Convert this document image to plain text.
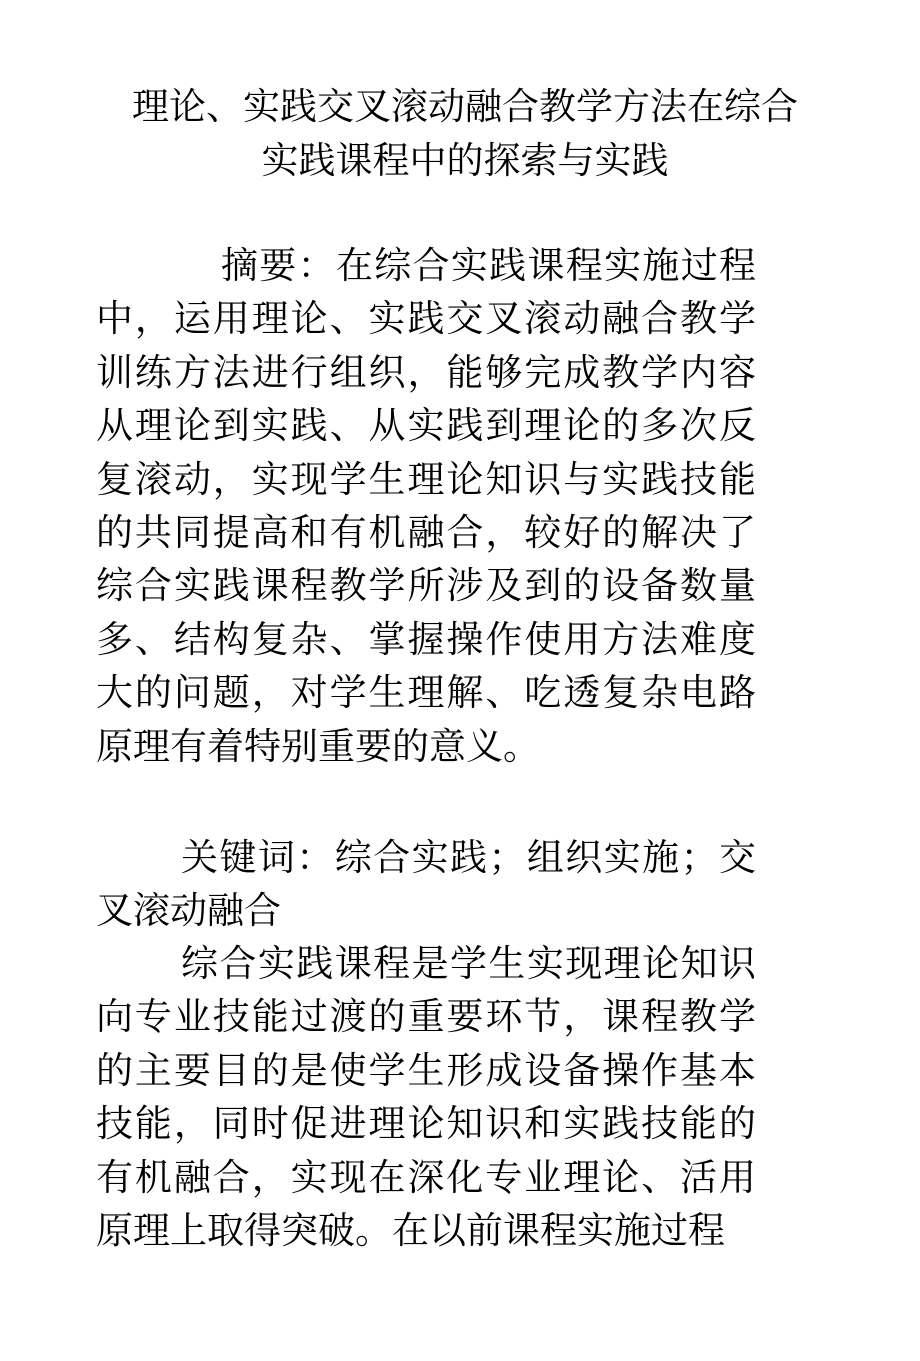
理论、实践交叉滚动融合教学方法在综合实践课程中的探索与实践

摘要：在综合实践课程实施过程中，运用理论、实践交叉滚动融合教学训练方法进行组织，能够完成教学内容从理论到实践、从实践到理论的多次反复滚动，实现学生理论知识与实践技能的共同提高和有机融合，较好的解决了综合实践课程教学所涉及到的设备数量多、结构复杂、掌握操作使用方法难度大的问题，对学生理解、吃透复杂电路原理有着特别重要的意义。

关键词：综合实践；组织实施；交叉滚动融合

综合实践课程是学生实现理论知识向专业技能过渡的重要环节，课程教学的主要目的是使学生形成设备操作基本技能，同时促进理论知识和实践技能的有机融合，实现在深化专业理论、活用原理上取得突破。在以前课程实施过程
